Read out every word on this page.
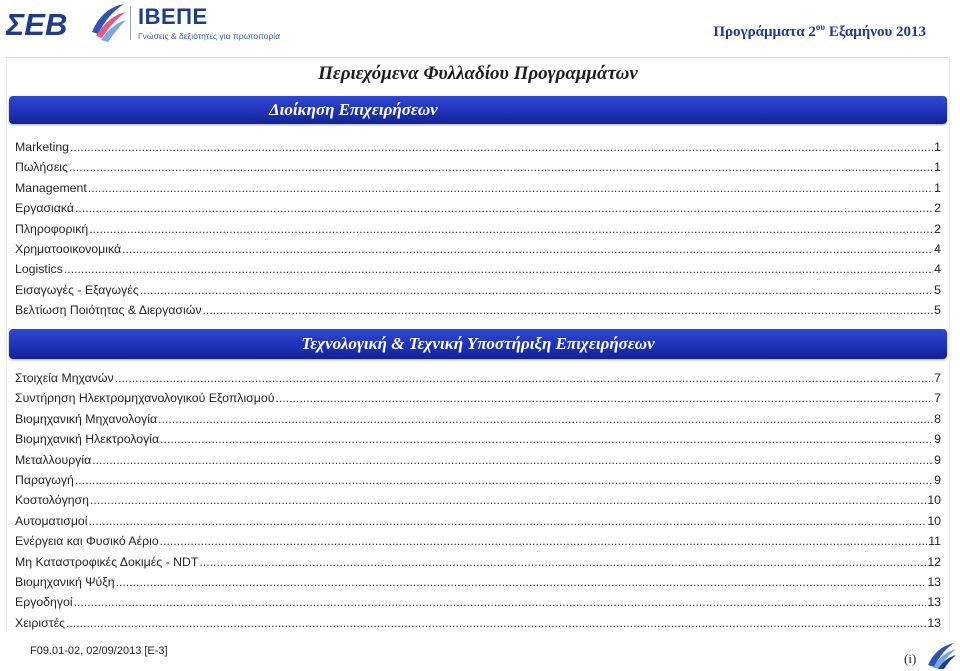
ΣΕΒ	ΙΒΕΠΕ
Γνώσεις & δεξιότητες για πρωτοπορία	Προγράμματα $2^{o\upsilon}$ Εξαμήνου 2013
Περιεχόμενα Φυλλαδίου Προγραμμάτων
Διοίκηση Επιχειρήσεων
Marketing .....	1
Πωλήσεις .....	1
Management .....	1
Εργασιακά .....	2
Πληροφορική .....	2
Χρηματοοικονομικά .....	4
Logistics .....	4
Εισαγωγές - Εξαγωγές .....	5
Βελτίωση Ποιότητας & Διεργασιών .....	5
Τεχνολογική & Τεχνική Υποστήριξη Επιχειρήσεων
Στοιχεία Μηχανών .....	7
Συντήρηση Ηλεκτρομηχανολογικού Εξοπλισμού .....	7
Βιομηχανική Μηχανολογία .....	8
Βιομηχανική Ηλεκτρολογία .....	9
Μεταλλουργία .....	9
Παραγωγή .....	9
Κοστολόγηση .....	10
Αυτοματισμοί .....	10
Ενέργεια και Φυσικό Αέριο .....	11
Μη Καταστροφικές Δοκιμές - NDT .....	12
Βιομηχανική Ψύξη .....	13
Εργοδηγοί .....	13
Χειριστές .....	13
F09.01-02, 02/09/2013 [E-3]	(i)
